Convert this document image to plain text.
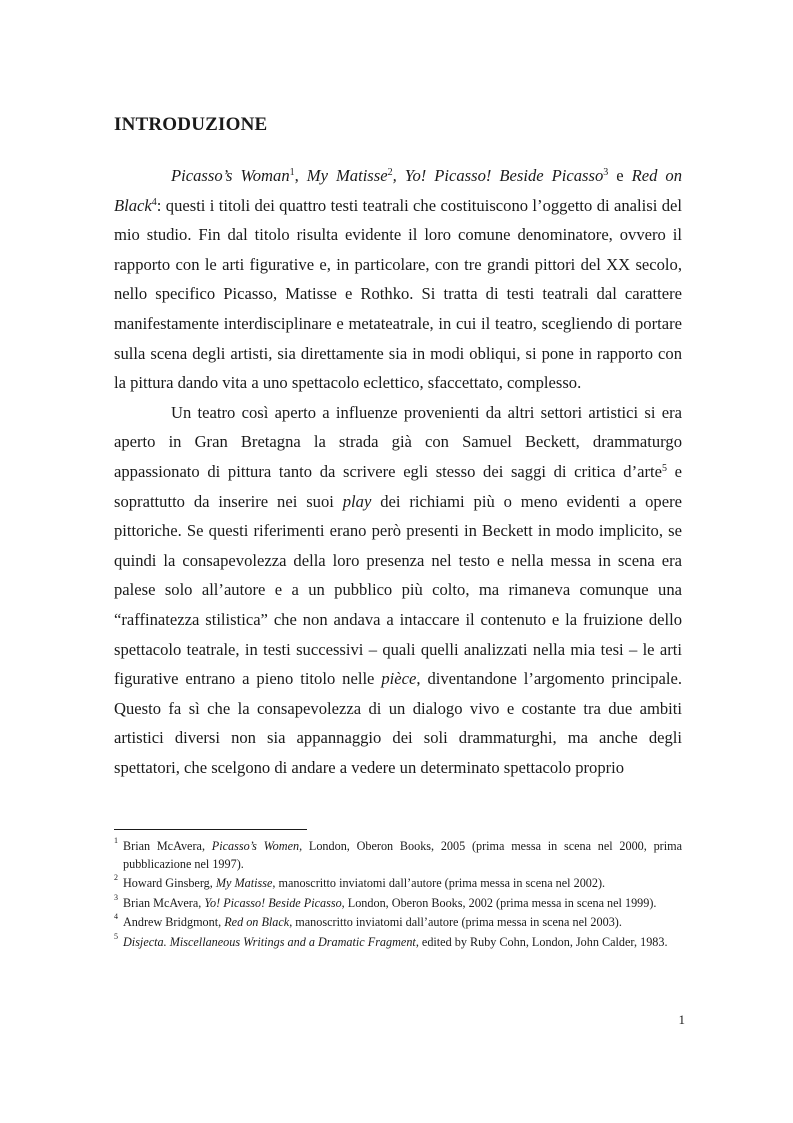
INTRODUZIONE

Picasso’s Woman$^1$, My Matisse$^2$, Yo! Picasso! Beside Picasso$^3$ e Red on Black$^4$: questi i titoli dei quattro testi teatrali che costituiscono l’oggetto di analisi del mio studio. Fin dal titolo risulta evidente il loro comune denominatore, ovvero il rapporto con le arti figurative e, in particolare, con tre grandi pittori del XX secolo, nello specifico Picasso, Matisse e Rothko. Si tratta di testi teatrali dal carattere manifestamente interdisciplinare e metateatrale, in cui il teatro, scegliendo di portare sulla scena degli artisti, sia direttamente sia in modi obliqui, si pone in rapporto con la pittura dando vita a uno spettacolo eclettico, sfaccettato, complesso.

Un teatro così aperto a influenze provenienti da altri settori artistici si era aperto in Gran Bretagna la strada già con Samuel Beckett, drammaturgo appassionato di pittura tanto da scrivere egli stesso dei saggi di critica d’arte$^5$ e soprattutto da inserire nei suoi play dei richiami più o meno evidenti a opere pittoriche. Se questi riferimenti erano però presenti in Beckett in modo implicito, se quindi la consapevolezza della loro presenza nel testo e nella messa in scena era palese solo all’autore e a un pubblico più colto, ma rimaneva comunque una “raffinatezza stilistica” che non andava a intaccare il contenuto e la fruizione dello spettacolo teatrale, in testi successivi – quali quelli analizzati nella mia tesi – le arti figurative entrano a pieno titolo nelle pièce, diventandone l’argomento principale. Questo fa sì che la consapevolezza di un dialogo vivo e costante tra due ambiti artistici diversi non sia appannaggio dei soli drammaturghi, ma anche degli spettatori, che scelgono di andare a vedere un determinato spettacolo proprio

1 Brian McAvera, Picasso’s Women, London, Oberon Books, 2005 (prima messa in scena nel 2000, prima pubblicazione nel 1997).
2 Howard Ginsberg, My Matisse, manoscritto inviatomi dall’autore (prima messa in scena nel 2002).
3 Brian McAvera, Yo! Picasso! Beside Picasso, London, Oberon Books, 2002 (prima messa in scena nel 1999).
4 Andrew Bridgmont, Red on Black, manoscritto inviatomi dall’autore (prima messa in scena nel 2003).
5 Disjecta. Miscellaneous Writings and a Dramatic Fragment, edited by Ruby Cohn, London, John Calder, 1983.
1
